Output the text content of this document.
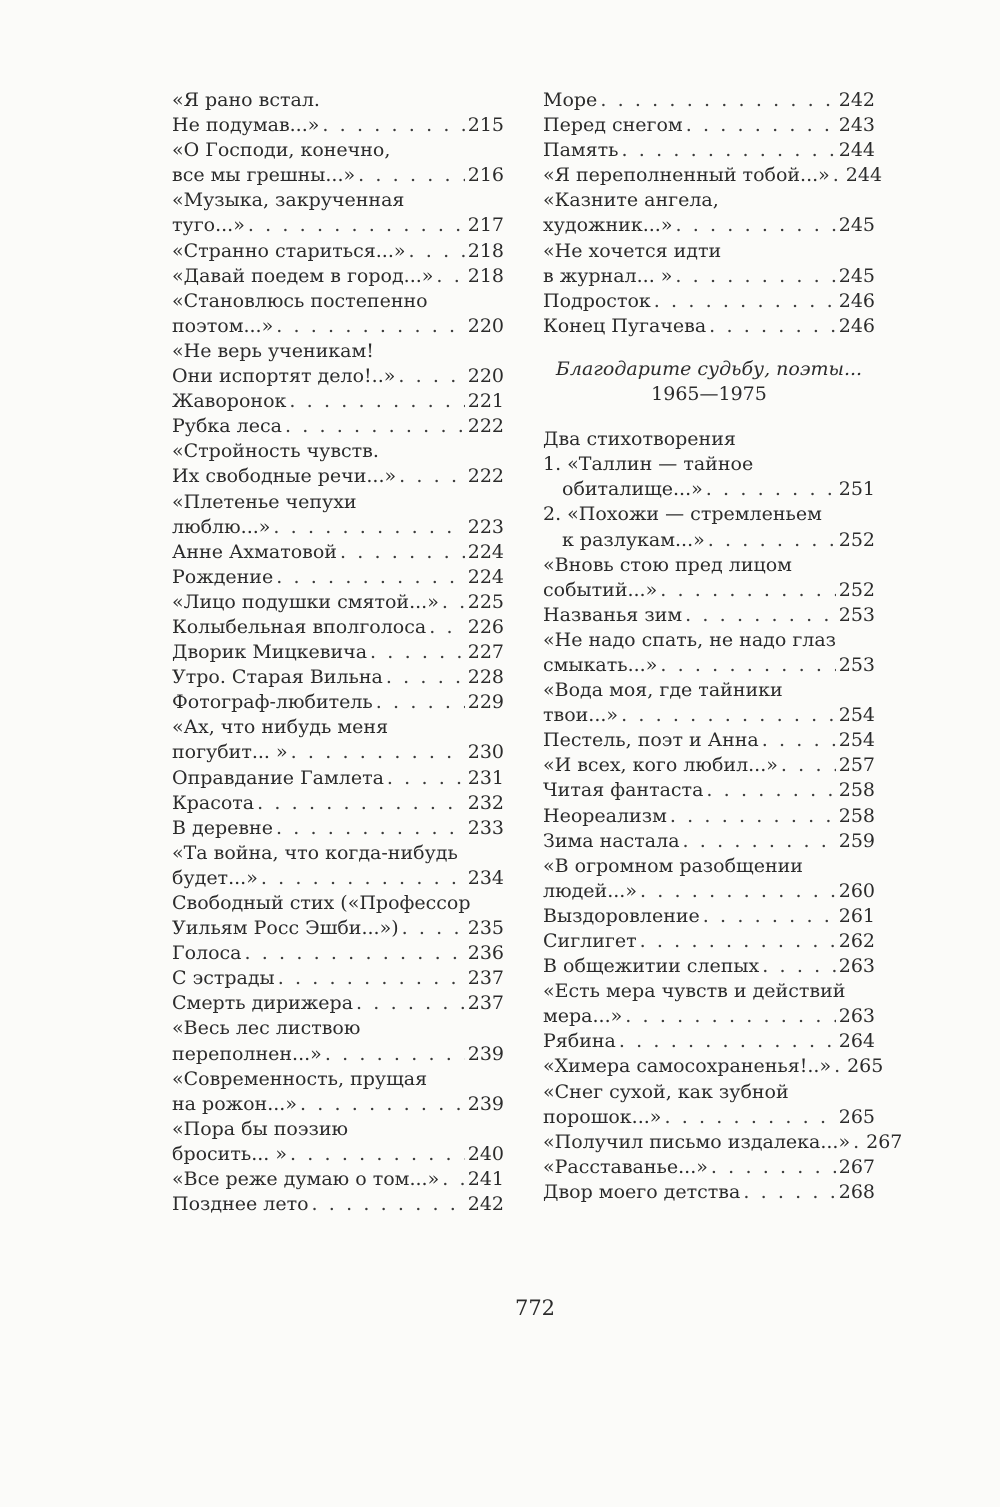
«Я рано встал.
Не подумав...» . . .	215
«О Господи, конечно,
все мы грешны...» . . .	216
«Музыка, закрученная
туго...» . . .	217
«Странно стариться...» . . .	218
«Давай поедем в город...» . . . 218
«Становлюсь постепенно
поэтом...» . . .	220
«Не верь ученикам!
Они испортят дело!..» . . .	220
Жаворонок . . .	221
Рубка леса . . .	222
«Стройность чувств.
Их свободные речи...» . . .	222
«Плетенье чепухи
люблю...» . . .	223
Анне Ахматовой . . .	224
Рождение . . .	224
«Лицо подушки смятой...» . . . 225
Колыбельная вполголоса . . . 226
Дворик Мицкевича . . .	227
Утро. Старая Вильна . . .	228
Фотограф-любитель . . .	229
«Ах, что нибудь меня
погубит... » . . .	230
Оправдание Гамлета . . .	231
Красота . . .	232
В деревне . . .	233
«Та война, что когда-нибудь
будет...» . . .	234
Свободный стих («Профессор
Уильям Росс Эшби...») . . .	235
Голоса . . .	236
С эстрады . . .	237
Смерть дирижера . . .	237
«Весь лес листвою
переполнен...» . . .	239
«Современность, прущая
на рожон...» . . .	239
«Пора бы поэзию
бросить... » . . .	240
«Все реже думаю о том...» . . . 241
Позднее лето . . .	242
Море . . .	242
Перед снегом . . .	243
Память . . .	244
«Я переполненный тобой...» . . . 244
«Казните ангела,
художник...» . . .	245
«Не хочется идти
в журнал... » . . .	245
Подросток . . .	246
Конец Пугачева . . .	246
Благодарите судьбу, поэты...
1965—1975
Два стихотворения
1. «Таллин — тайное
обиталище...» . . .	251
2. «Похожи — стремленьем
к разлукам...» . . .	252
«Вновь стою пред лицом
событий...» . . .	252
Названья зим . . .	253
«Не надо спать, не надо глаз
смыкать...» . . .	253
«Вода моя, где тайники
твои...» . . .	254
Пестель, поэт и Анна . . .	254
«И всех, кого любил...» . . .	257
Читая фантаста . . .	258
Неореализм . . .	258
Зима настала . . .	259
«В огромном разобщении
людей...» . . .	260
Выздоровление . . .	261
Сиглигет . . .	262
В общежитии слепых . . .	263
«Есть мера чувств и действий
мера...» . . .	263
Рябина . . .	264
«Химера самосохраненья!..» . . . 265
«Снег сухой, как зубной
порошок...» . . .	265
«Получил письмо издалека...» . . . 267
«Расставанье...» . . .	267
Двор моего детства . . .	268
772
